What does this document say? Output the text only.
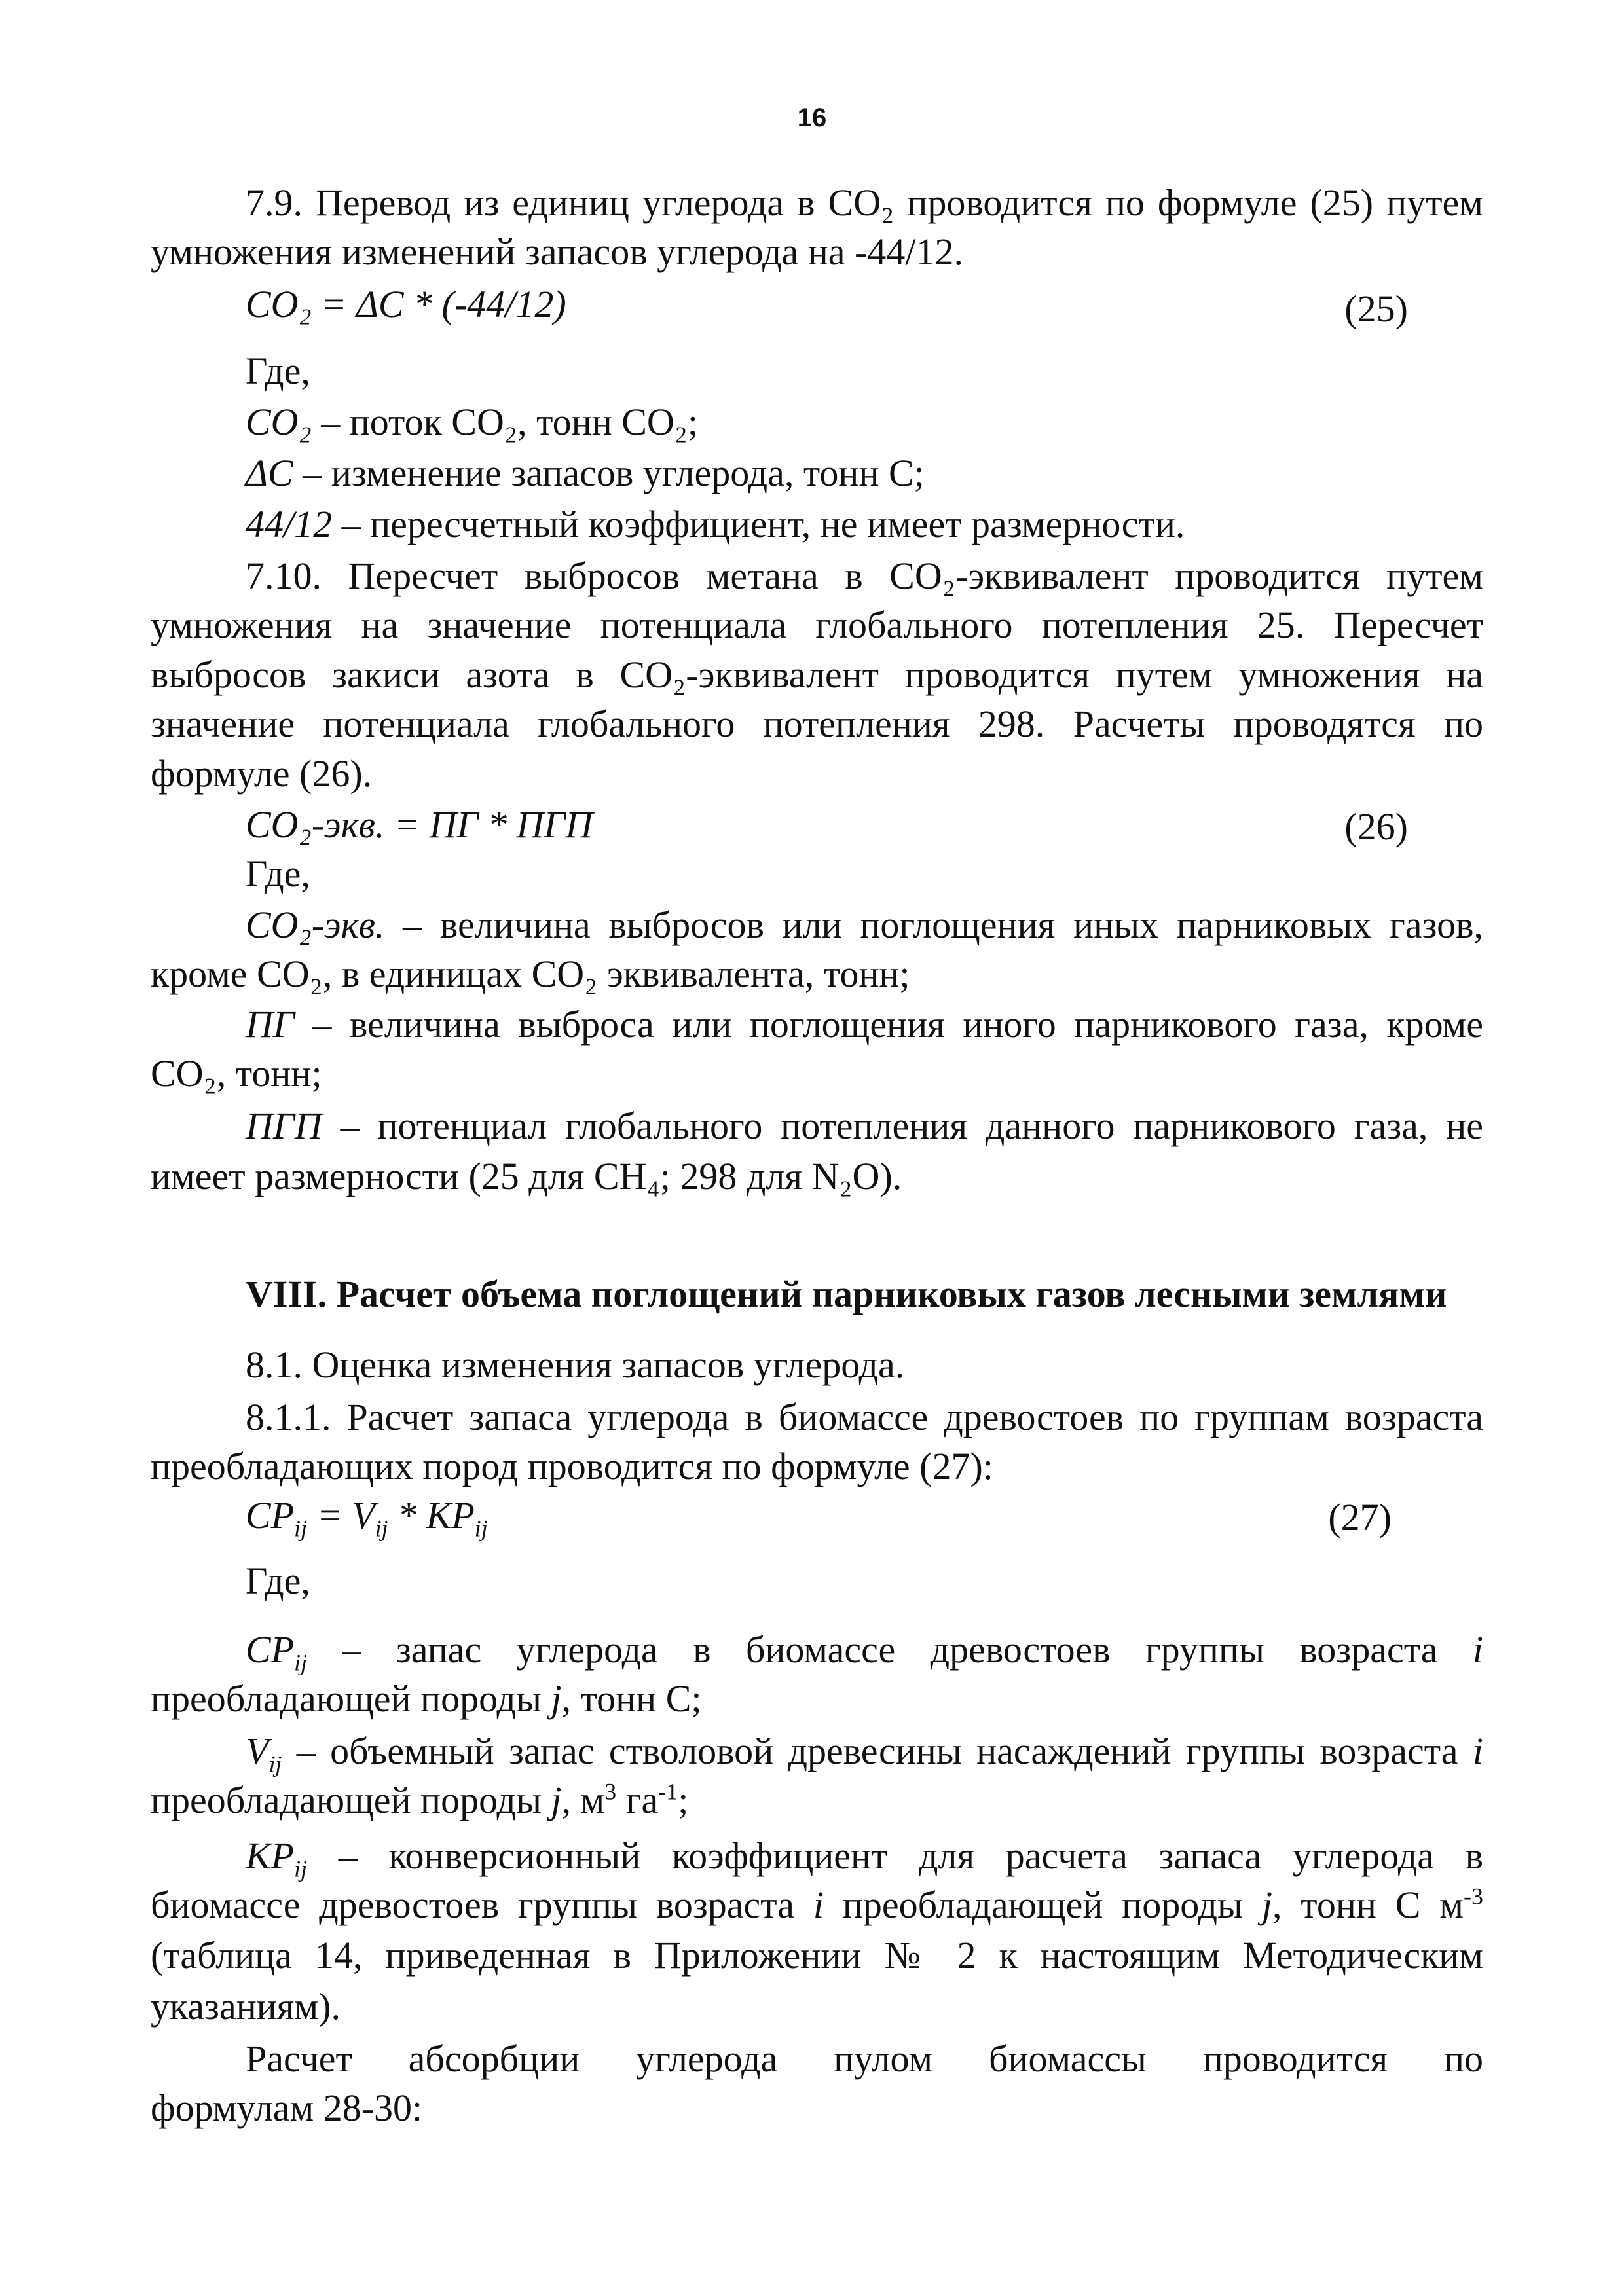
16
7.9. Перевод из единиц углерода в CO₂ проводится по формуле (25) путем
умножения изменений запасов углерода на -44/12.
CO₂ = ΔC * (-44/12)	(25)
Где,
CO₂ – поток CO₂, тонн CO₂;
ΔC – изменение запасов углерода, тонн С;
44/12 – пересчетный коэффициент, не имеет размерности.
7.10. Пересчет выбросов метана в CO₂-эквивалент проводится путем
умножения на значение потенциала глобального потепления 25. Пересчет
выбросов закиси азота в CO₂-эквивалент проводится путем умножения на
значение потенциала глобального потепления 298. Расчеты проводятся по
формуле (26).
CO₂-экв. = ПГ * ПГП	(26)
Где,
CO₂-экв. – величина выбросов или поглощения иных парниковых газов,
кроме CO₂, в единицах CO₂ эквивалента, тонн;
ПГ – величина выброса или поглощения иного парникового газа, кроме
CO₂, тонн;
ПГП – потенциал глобального потепления данного парникового газа, не
имеет размерности (25 для CH₄; 298 для N₂O).
VIII. Расчет объема поглощений парниковых газов лесными землями
8.1. Оценка изменения запасов углерода.
8.1.1. Расчет запаса углерода в биомассе древостоев по группам возраста
преобладающих пород проводится по формуле (27):
$CP_{ij} = V_{ij} * KP_{ij}$	(27)
Где,
$CP_{ij}$ – запас углерода в биомассе древостоев группы возраста i
преобладающей породы j, тонн С;
$V_{ij}$ – объемный запас стволовой древесины насаждений группы возраста i
преобладающей породы j, $м^3$ $га^{-1}$;
$KP_{ij}$ – конверсионный коэффициент для расчета запаса углерода в
биомассе древостоев группы возраста i преобладающей породы j, тонн С $м^{-3}$
(таблица 14, приведенная в Приложении № 2 к настоящим Методическим
указаниям).
Расчет абсорбции углерода пулом биомассы проводится по
формулам 28-30:
